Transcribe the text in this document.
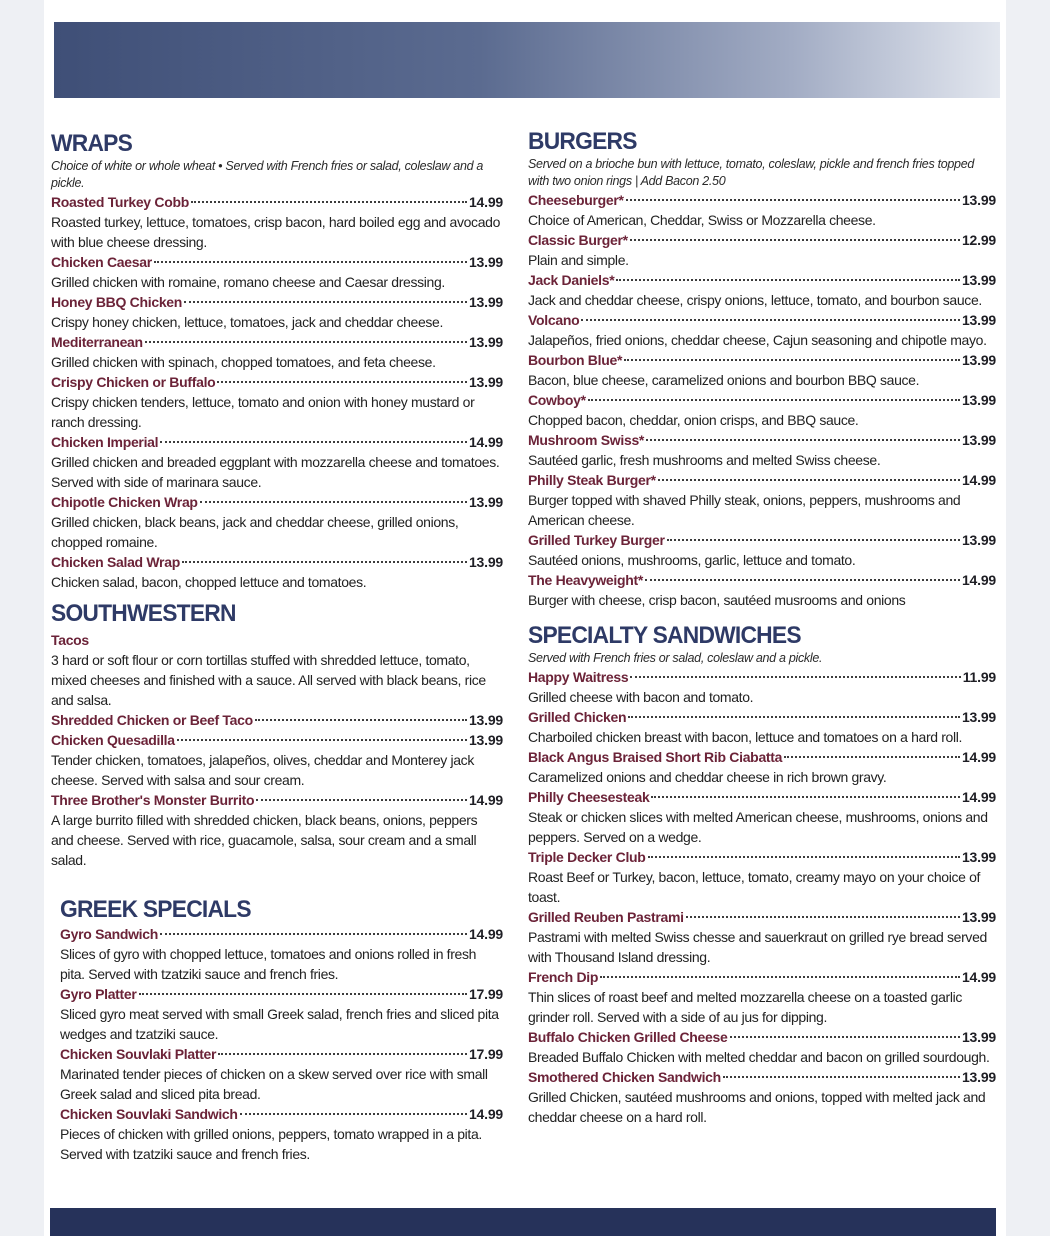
WRAPS
Choice of white or whole wheat • Served with French fries or salad, coleslaw and a pickle.
Roasted Turkey Cobb	14.99
Roasted turkey, lettuce, tomatoes, crisp bacon, hard boiled egg and avocado with blue cheese dressing.
Chicken Caesar	13.99
Grilled chicken with romaine, romano cheese and Caesar dressing.
Honey BBQ Chicken	13.99
Crispy honey chicken, lettuce, tomatoes, jack and cheddar cheese.
Mediterranean	13.99
Grilled chicken with spinach, chopped tomatoes, and feta cheese.
Crispy Chicken or Buffalo	13.99
Crispy chicken tenders, lettuce, tomato and onion with honey mustard or ranch dressing.
Chicken Imperial	14.99
Grilled chicken and breaded eggplant with mozzarella cheese and tomatoes. Served with side of marinara sauce.
Chipotle Chicken Wrap	13.99
Grilled chicken, black beans, jack and cheddar cheese, grilled onions, chopped romaine.
Chicken Salad Wrap	13.99
Chicken salad, bacon, chopped lettuce and tomatoes.
SOUTHWESTERN
Tacos
3 hard or soft flour or corn tortillas stuffed with shredded lettuce, tomato, mixed cheeses and finished with a sauce. All served with black beans, rice and salsa.
Shredded Chicken or Beef Taco	13.99
Chicken Quesadilla	13.99
Tender chicken, tomatoes, jalapeños, olives, cheddar and Monterey jack cheese. Served with salsa and sour cream.
Three Brother's Monster Burrito	14.99
A large burrito filled with shredded chicken, black beans, onions, peppers and cheese. Served with rice, guacamole, salsa, sour cream and a small salad.
GREEK SPECIALS
Gyro Sandwich	14.99
Slices of gyro with chopped lettuce, tomatoes and onions rolled in fresh pita. Served with tzatziki sauce and french fries.
Gyro Platter	17.99
Sliced gyro meat served with small Greek salad, french fries and sliced pita wedges and tzatziki sauce.
Chicken Souvlaki Platter	17.99
Marinated tender pieces of chicken on a skew served over rice with small Greek salad and sliced pita bread.
Chicken Souvlaki Sandwich	14.99
Pieces of chicken with grilled onions, peppers, tomato wrapped in a pita. Served with tzatziki sauce and french fries.
BURGERS
Served on a brioche bun with lettuce, tomato, coleslaw, pickle and french fries topped with two onion rings | Add Bacon 2.50
Cheeseburger*	13.99
Choice of American, Cheddar, Swiss or Mozzarella cheese.
Classic Burger*	12.99
Plain and simple.
Jack Daniels*	13.99
Jack and cheddar cheese, crispy onions, lettuce, tomato, and bourbon sauce.
Volcano	13.99
Jalapeños, fried onions, cheddar cheese, Cajun seasoning and chipotle mayo.
Bourbon Blue*	13.99
Bacon, blue cheese, caramelized onions and bourbon BBQ sauce.
Cowboy*	13.99
Chopped bacon, cheddar, onion crisps, and BBQ sauce.
Mushroom Swiss*	13.99
Sautéed garlic, fresh mushrooms and melted Swiss cheese.
Philly Steak Burger*	14.99
Burger topped with shaved Philly steak, onions, peppers, mushrooms and American cheese.
Grilled Turkey Burger	13.99
Sautéed onions, mushrooms, garlic, lettuce and tomato.
The Heavyweight*	14.99
Burger with cheese, crisp bacon, sautéed musrooms and onions
SPECIALTY SANDWICHES
Served with French fries or salad, coleslaw and a pickle.
Happy Waitress	11.99
Grilled cheese with bacon and tomato.
Grilled Chicken	13.99
Charboiled chicken breast with bacon, lettuce and tomatoes on a hard roll.
Black Angus Braised Short Rib Ciabatta	14.99
Caramelized onions and cheddar cheese in rich brown gravy.
Philly Cheesesteak	14.99
Steak or chicken slices with melted American cheese, mushrooms, onions and peppers. Served on a wedge.
Triple Decker Club	13.99
Roast Beef or Turkey, bacon, lettuce, tomato, creamy mayo on your choice of toast.
Grilled Reuben Pastrami	13.99
Pastrami with melted Swiss chesse and sauerkraut on grilled rye bread served with Thousand Island dressing.
French Dip	14.99
Thin slices of roast beef and melted mozzarella cheese on a toasted garlic grinder roll. Served with a side of au jus for dipping.
Buffalo Chicken Grilled Cheese	13.99
Breaded Buffalo Chicken with melted cheddar and bacon on grilled sourdough.
Smothered Chicken Sandwich	13.99
Grilled Chicken, sautéed mushrooms and onions, topped with melted jack and cheddar cheese on a hard roll.
